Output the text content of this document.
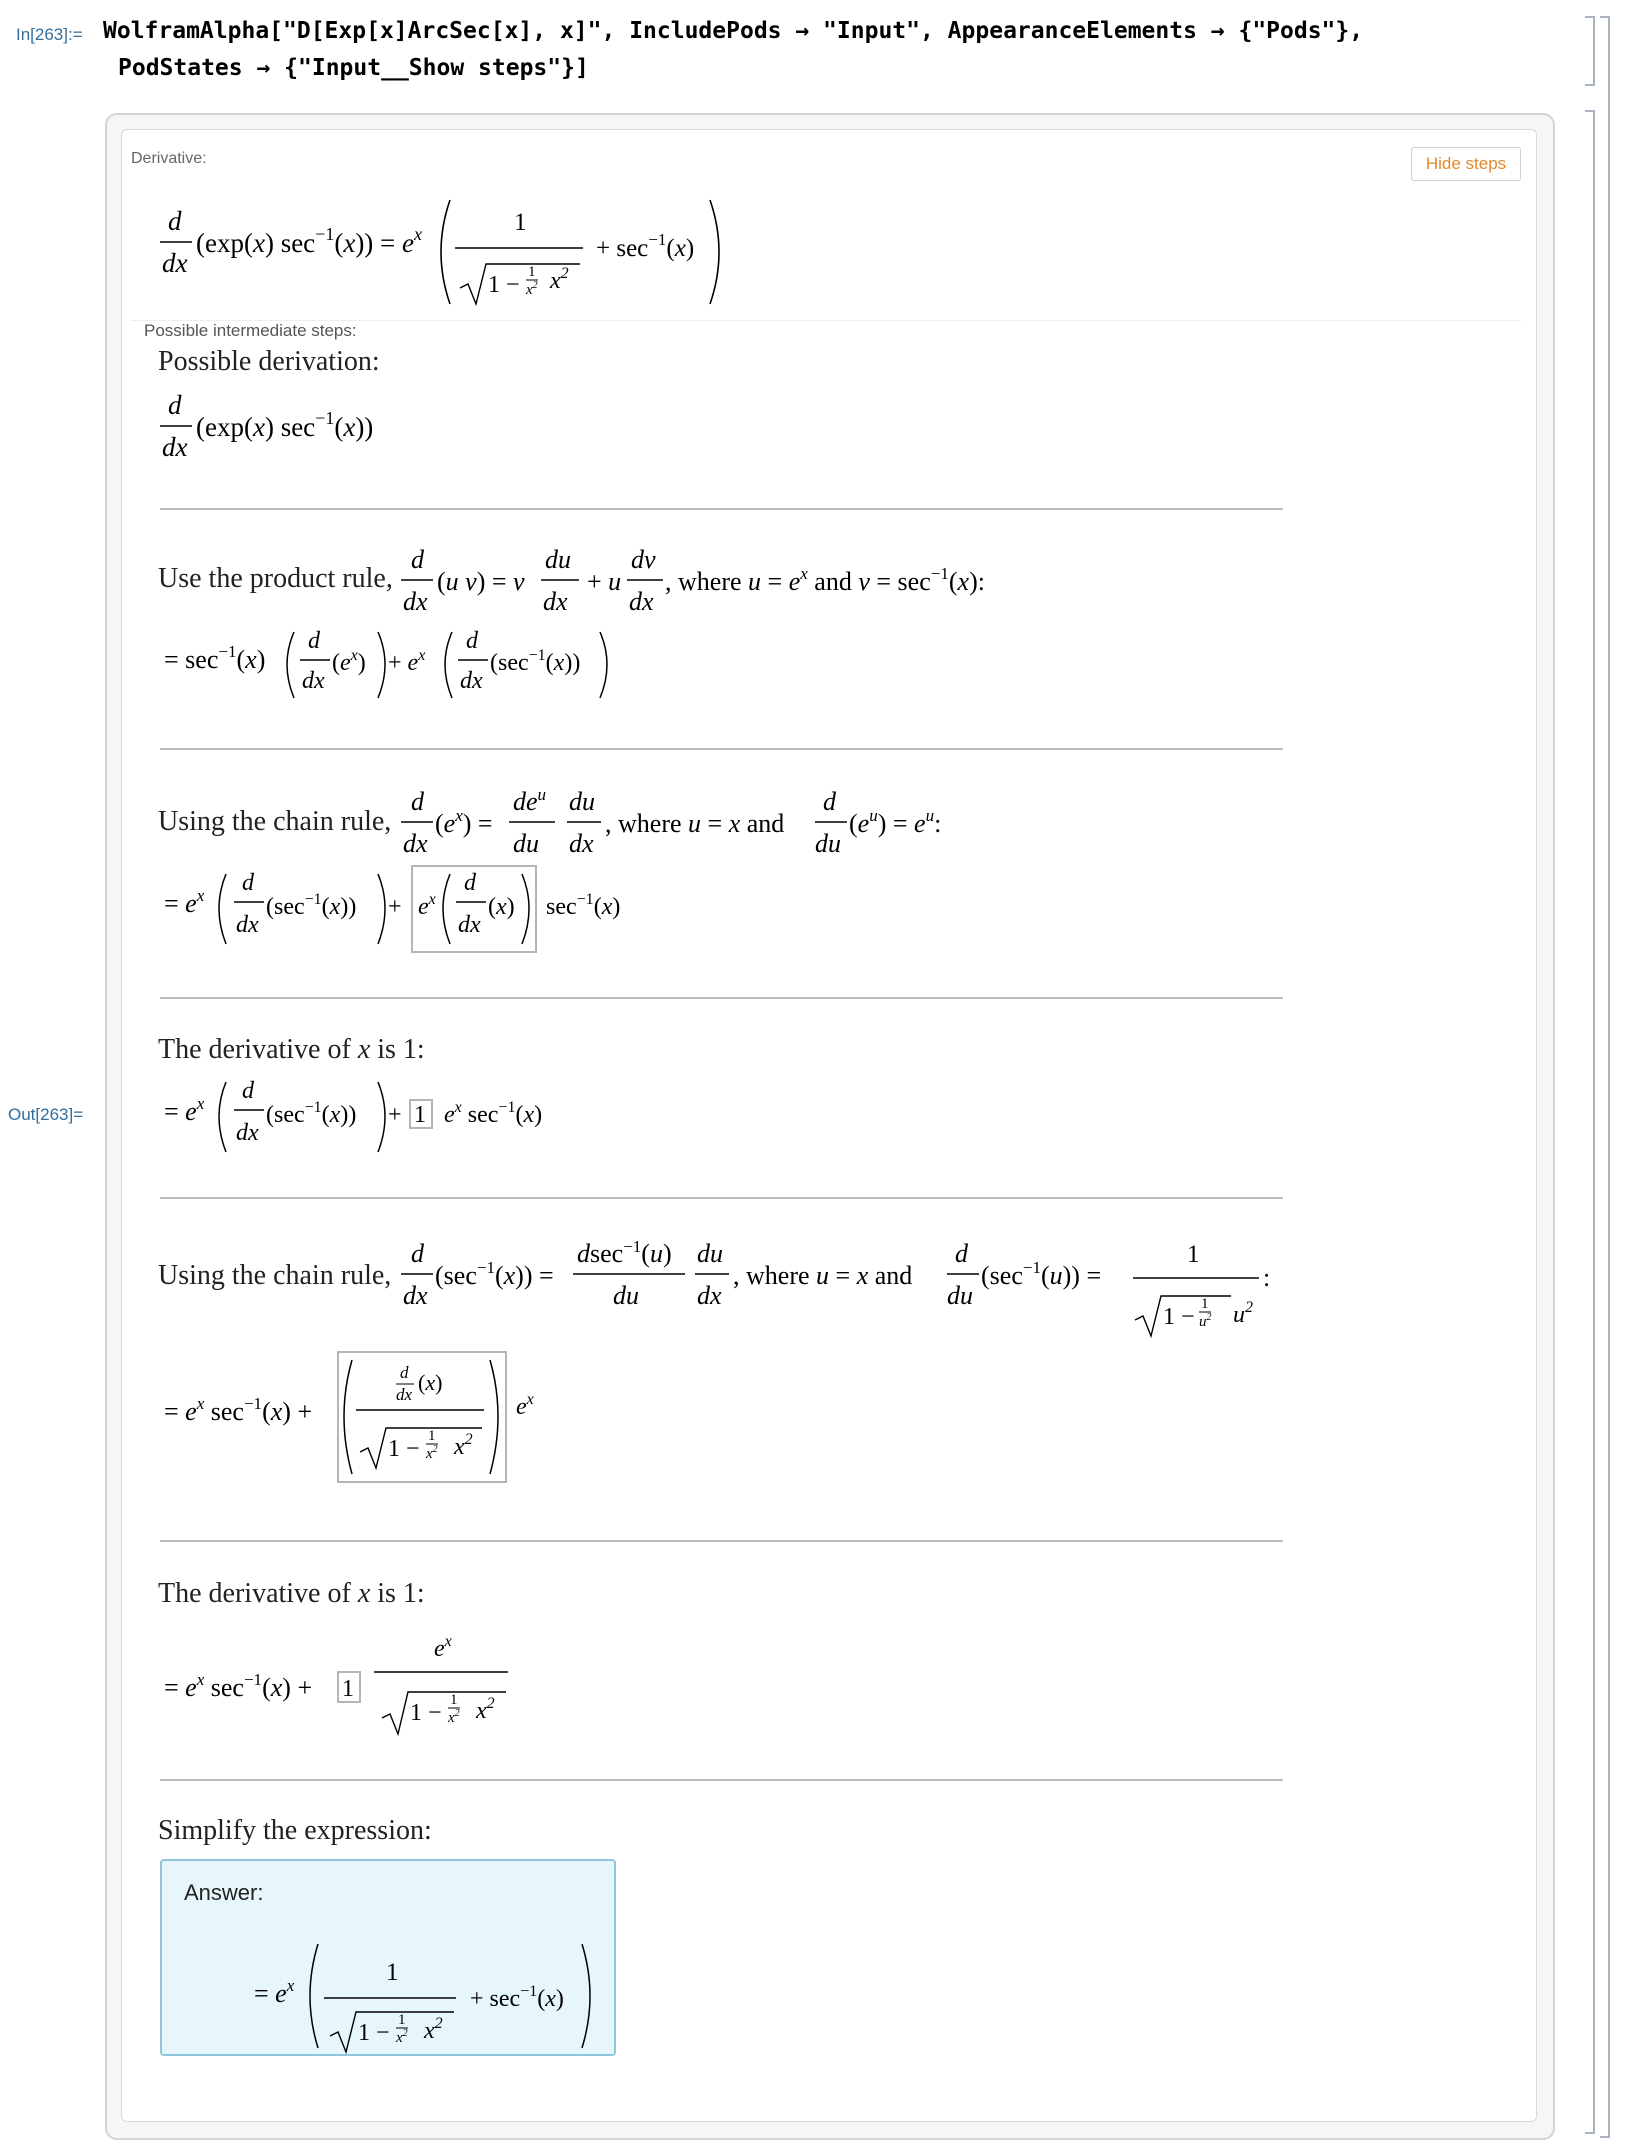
In[263]:= WolframAlpha["D[Exp[x]ArcSec[x], x]", IncludePods → "Input", AppearanceElements → {"Pods"},
PodStates → {"Input__Show steps"}]
Out[263]=
Derivative:	Hide steps
d
dx
(exp(x) $\sec^{-1}(x)) = e^x$	1
1 − 1
$x^2$ $x^2$
+ $\sec^{-1}(x)$
Possible intermediate steps:
Possible derivation:
d
dx
(exp(x) $\sec^{-1}(x)$)
Use the product rule,
d
dx
(u v) = v
du
dx
+ u
dv
dx
, where $u = e^x$ and $v = \sec^{-1}(x)$:
= $\sec^{-1}(x)$
d
dx
$(e^x) + e^x$
d
dx
$(\sec^{-1}(x))$
Using the chain rule,
d
dx
$(e^x)$ =
$de^u$
du
du
dx
, where u = x and
d
du
$(e^u) = e^u$:
= $e^x$ d
dx
$(\sec^{-1}(x)) + e^x$
d
dx
(x) $\sec^{-1}(x)$
The derivative of x is 1:
= $e^x$ d
dx
$(\sec^{-1}(x)) + 1$ $e^x$ $\sec^{-1}(x)$
Using the chain rule,
d
dx
$(\sec^{-1}(x))$ =
dsec$^{-1}$(u)
du
du
dx
, where u = x and
d
du
$(\sec^{-1}(u))$ =
1
1 − 1
$u^2$ $u^2$
:
= $e^x$ $\sec^{-1}(x)$ +
d
dx (x)
1 − 1
$x^2$ $x^2$
$e^x$
The derivative of x is 1:
= $e^x$ $\sec^{-1}(x) + 1$
$e^x$
1 − 1
$x^2$ $x^2$
Simplify the expression:
Answer:
= $e^x$	1
1 − 1
$x^2$ $x^2$
+ $\sec^{-1}(x)$
